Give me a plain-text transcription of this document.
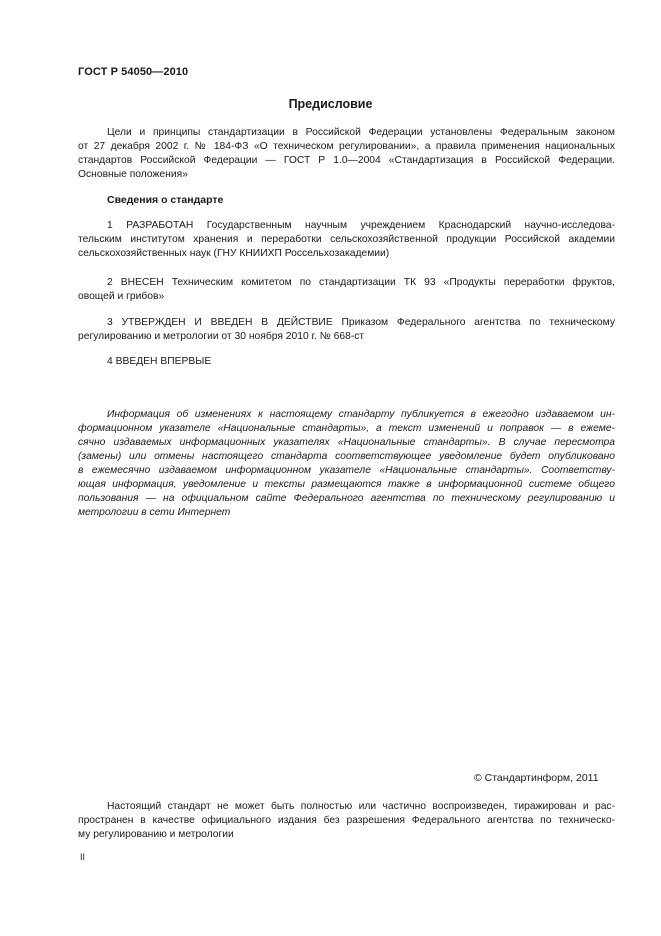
ГОСТ Р 54050—2010
Предисловие
Цели и принципы стандартизации в Российской Федерации установлены Федеральным законом
от 27 декабря 2002 г. № 184-ФЗ «О техническом регулировании», а правила применения национальных
стандартов Российской Федерации — ГОСТ Р 1.0—2004 «Стандартизация в Российской Федерации.
Основные положения»
Сведения о стандарте
1 РАЗРАБОТАН Государственным научным учреждением Краснодарский научно-исследова-
тельским институтом хранения и переработки сельскохозяйственной продукции Российской академии
сельскохозяйственных наук (ГНУ КНИИХП Россельхозакадемии)
2 ВНЕСЕН Техническим комитетом по стандартизации ТК 93 «Продукты переработки фруктов,
овощей и грибов»
3 УТВЕРЖДЕН И ВВЕДЕН В ДЕЙСТВИЕ Приказом Федерального агентства по техническому
регулированию и метрологии от 30 ноября 2010 г. № 668-ст
4 ВВЕДЕН ВПЕРВЫЕ
Информация об изменениях к настоящему стандарту публикуется в ежегодно издаваемом ин-
формационном указателе «Национальные стандарты», а текст изменений и поправок — в ежеме-
сячно издаваемых информационных указателях «Национальные стандарты». В случае пересмотра
(замены) или отмены настоящего стандарта соответствующее уведомление будет опубликовано
в ежемесячно издаваемом информационном указателе «Национальные стандарты». Соответству-
ющая информация, уведомление и тексты размещаются также в информационной системе общего
пользования — на официальном сайте Федерального агентства по техническому регулированию и
метрологии в сети Интернет
© Стандартинформ, 2011
Настоящий стандарт не может быть полностью или частично воспроизведен, тиражирован и рас-
пространен в качестве официального издания без разрешения Федерального агентства по техническо-
му регулированию и метрологии
II
